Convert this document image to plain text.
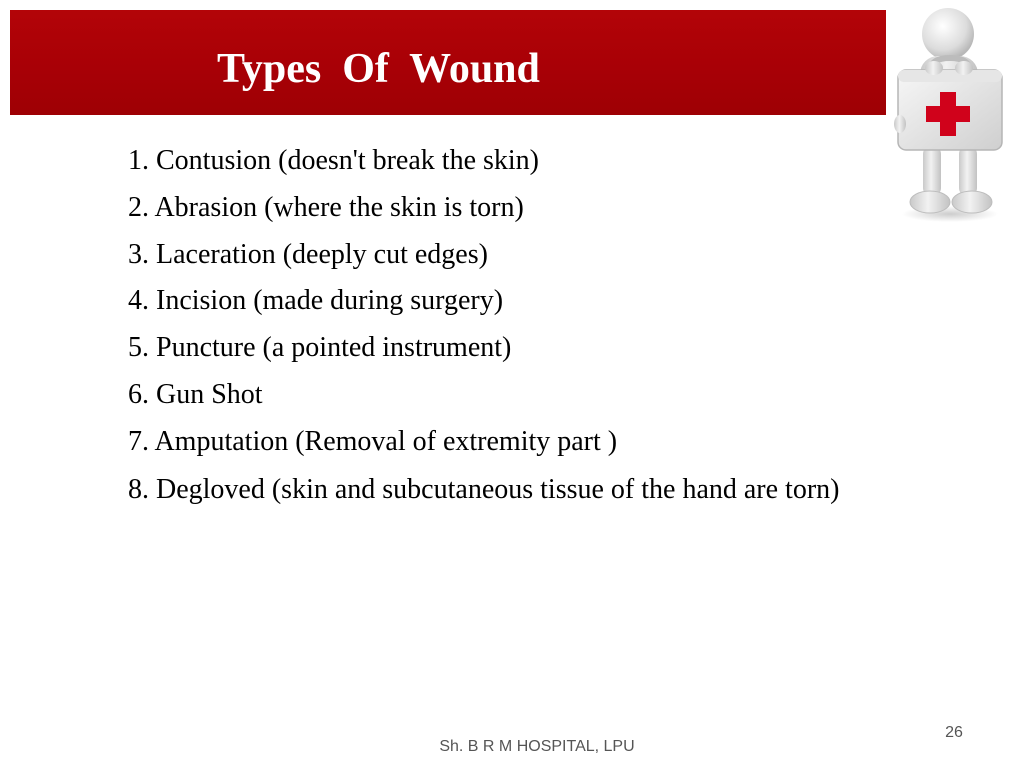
Types  Of  Wound
1. Contusion (doesn't break the skin)
2. Abrasion (where the skin is torn)
3. Laceration (deeply cut edges)
4. Incision (made during surgery)
5. Puncture (a pointed instrument)
6. Gun Shot
7. Amputation (Removal of extremity part )
8. Degloved (skin and subcutaneous tissue of the hand are torn)
26
Sh. B R M HOSPITAL, LPU
